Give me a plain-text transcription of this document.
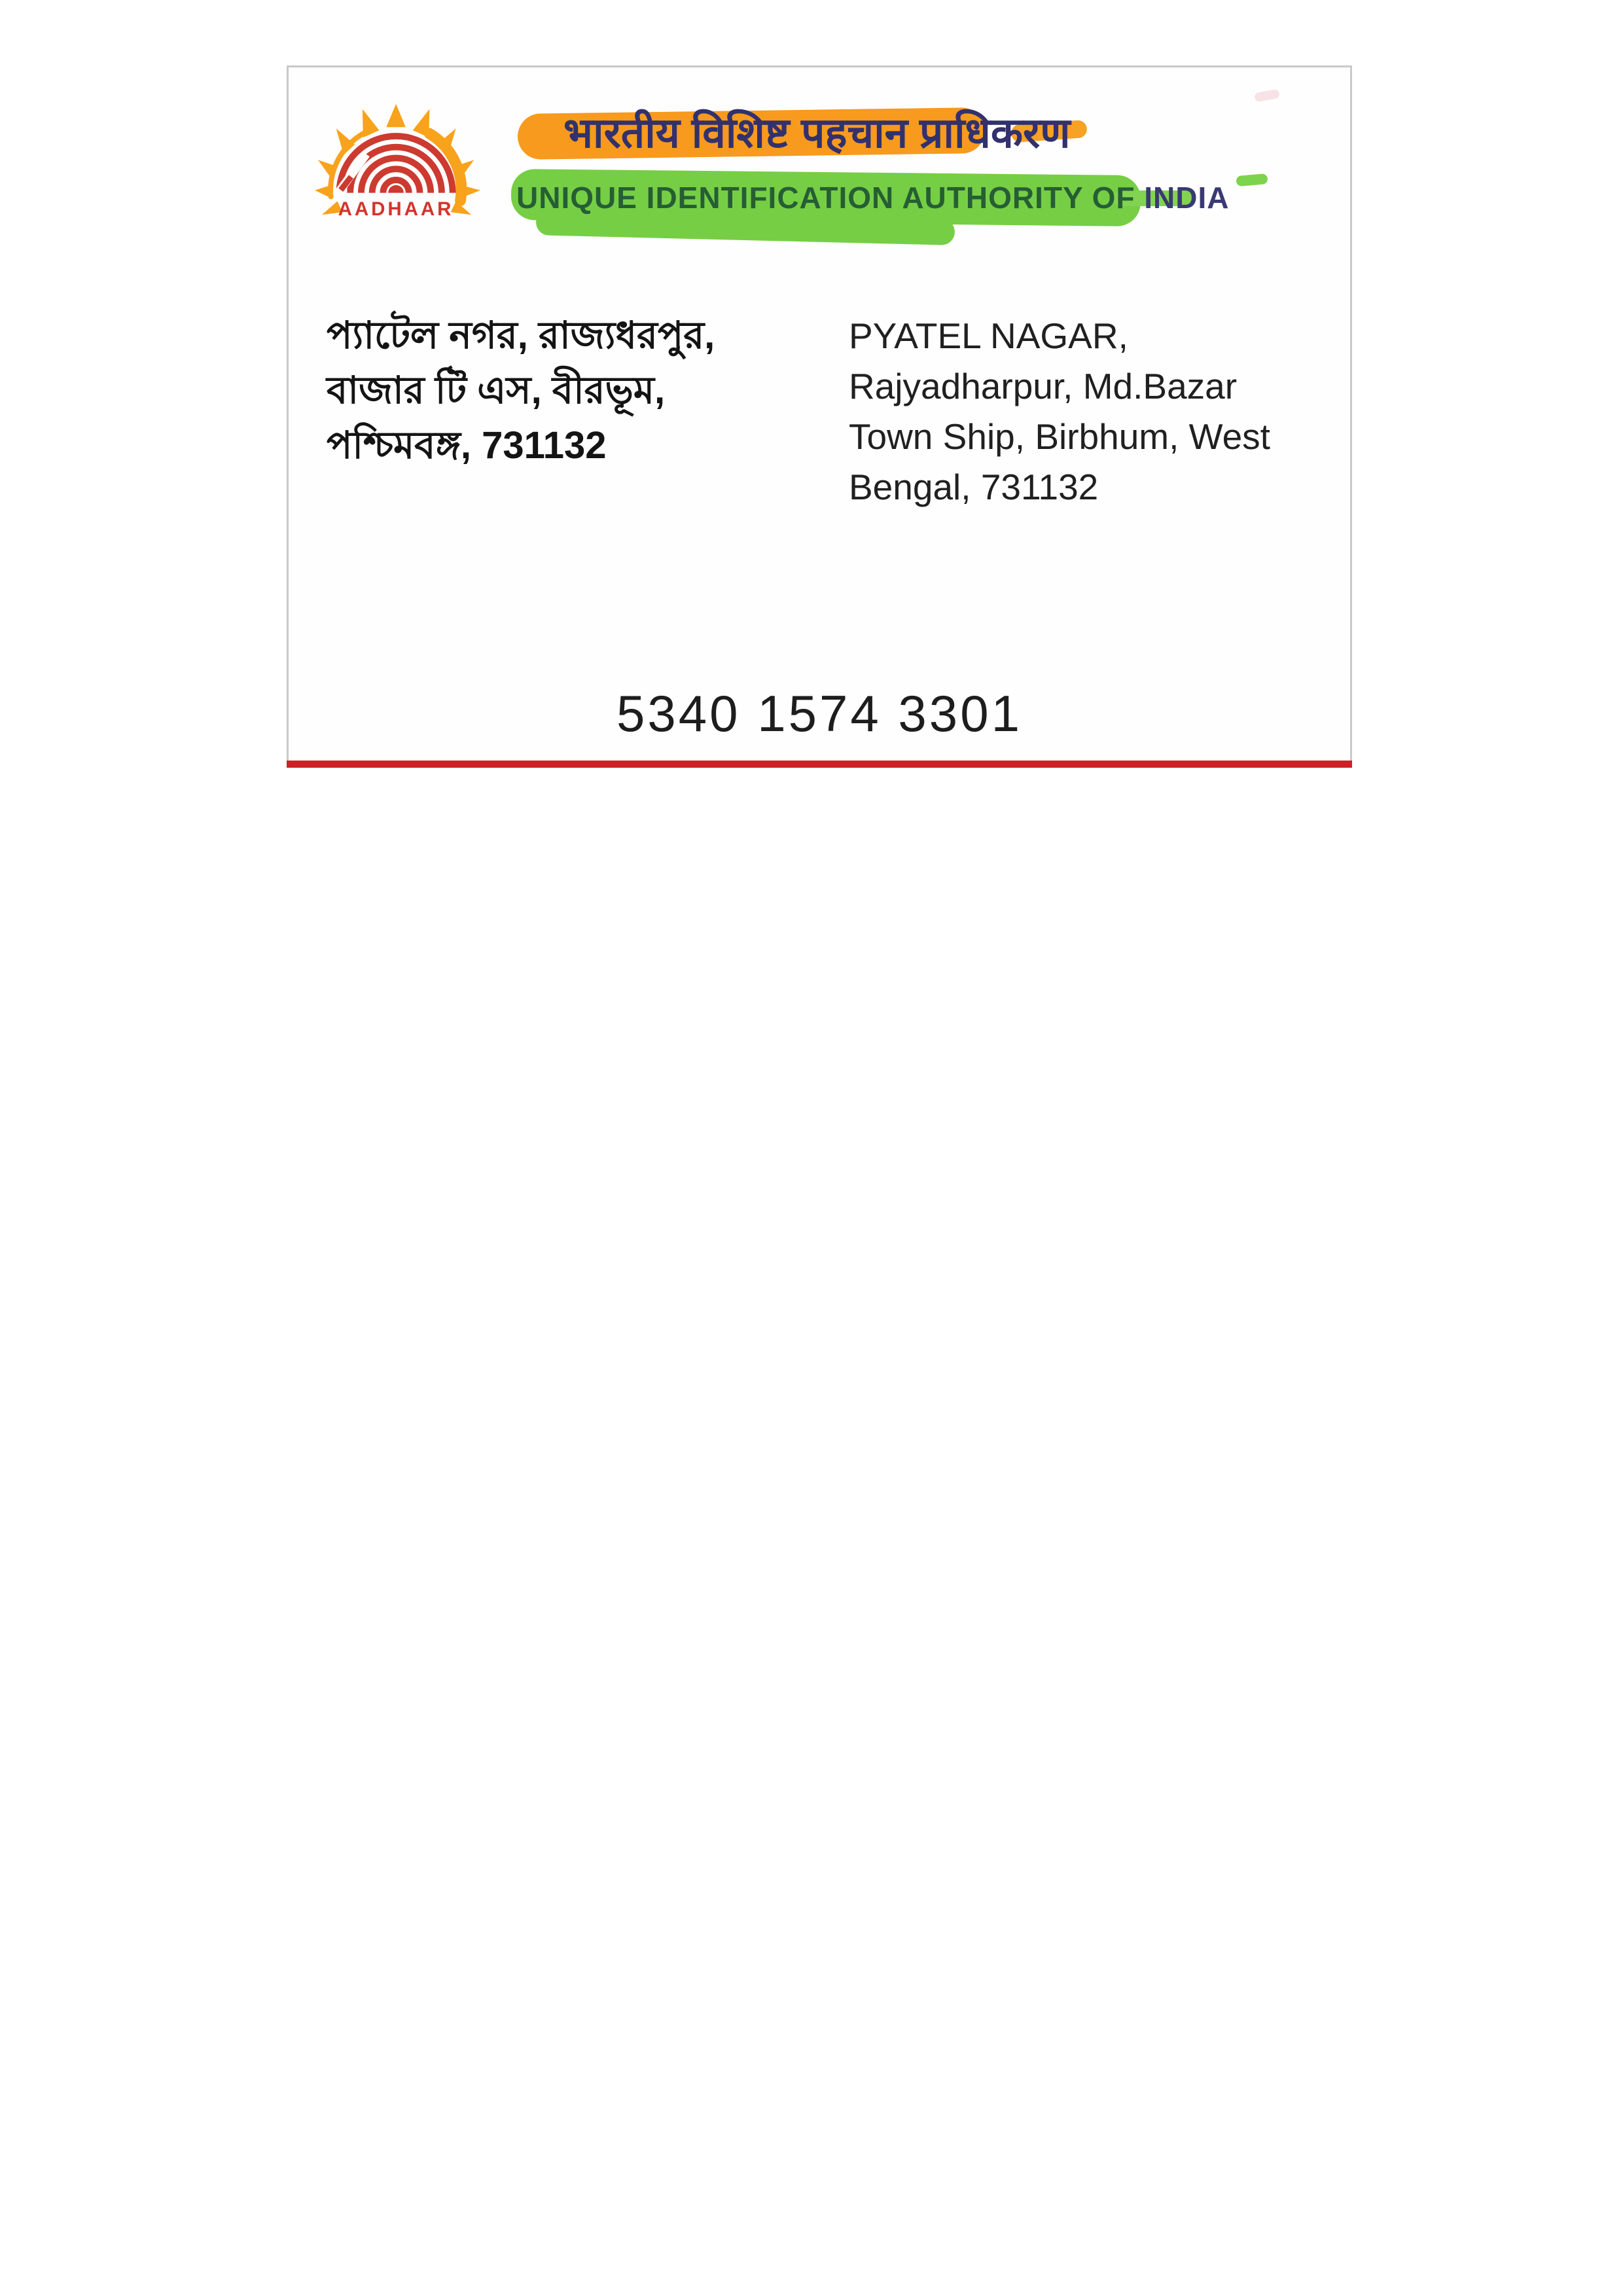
AADHAAR
भारतीय विशिष्ट पहचान प्राधिकरण
UNIQUE IDENTIFICATION AUTHORITY OF INDIA
প্যাটেল নগর, রাজ্যধরপুর,
বাজার টি এস, বীরভূম,
পশ্চিমবঙ্গ, 731132
PYATEL NAGAR,
Rajyadharpur, Md.Bazar
Town Ship, Birbhum, West
Bengal, 731132
5340 1574 3301
